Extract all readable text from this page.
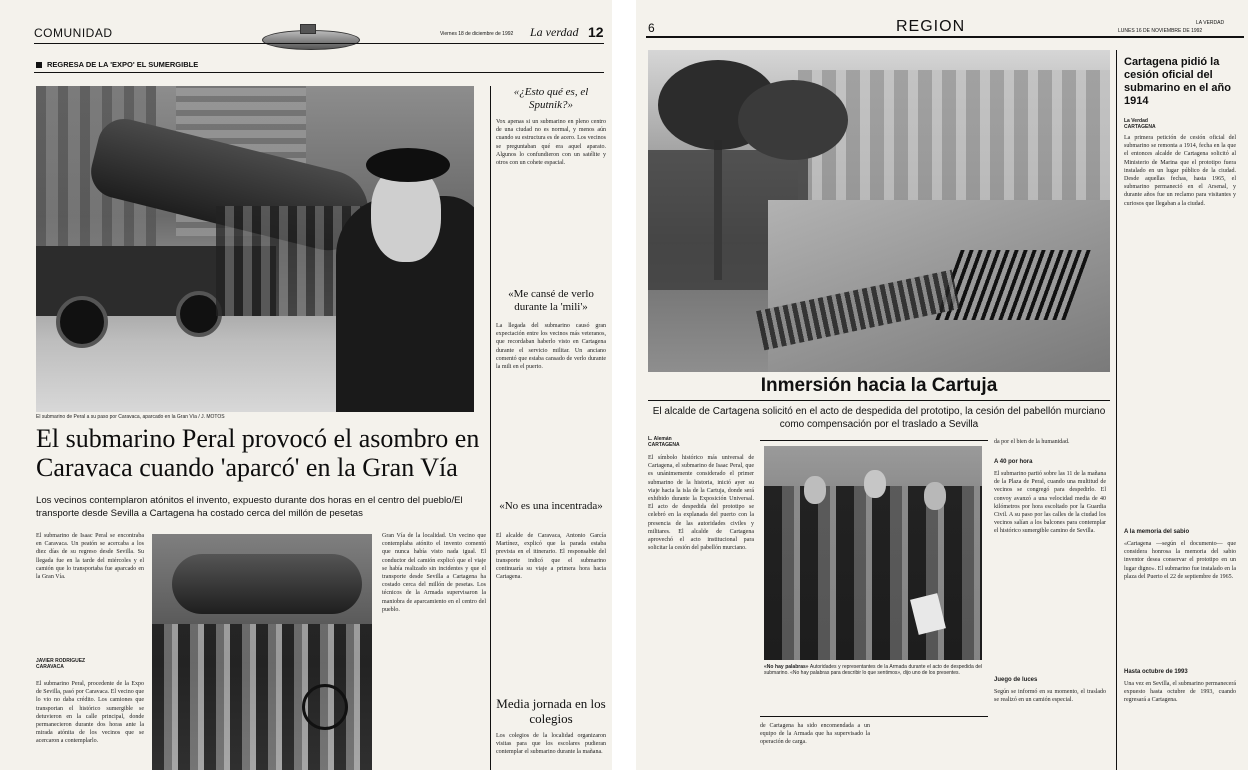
COMUNIDAD	Viernes 18 de diciembre de 1992 La verdad 12
REGRESA DE LA 'EXPO' EL SUMERGIBLE
El submarino de Peral a su paso por Caravaca, aparcado en la Gran Vía / J. MOTOS
El submarino Peral provocó el asombro en Caravaca cuando 'aparcó' en la Gran Vía
Los vecinos contemplaron atónitos el invento, expuesto durante dos horas en el centro del pueblo/El transporte desde Sevilla a Cartagena ha costado cerca del millón de pesetas
El submarino de Isaac Peral se encontraba en Caravaca. Un peatón se acercaba a los diez días de su regreso desde Sevilla. Su llegada fue en la tarde del miércoles y el camión que lo transportaba fue aparcado en la Gran Vía.
JAVIER RODRÍGUEZ
CARAVACA
El submarino Peral, procedente de la Expo de Sevilla, pasó por Caravaca. El vecino que lo vio no daba crédito. Los camiones que transportan el histórico sumergible se detuvieron en la calle principal, donde permanecieron durante dos horas ante la mirada atónita de los vecinos que se acercaron a contemplarlo.
Gran Vía de la localidad. Un vecino que contemplaba atónito el invento comentó que nunca había visto nada igual. El conductor del camión explicó que el viaje se había realizado sin incidentes y que el transporte desde Sevilla a Cartagena ha costado cerca del millón de pesetas. Los técnicos de la Armada supervisaron la maniobra de aparcamiento en el centro del pueblo.
«¿Esto qué es, el Sputnik?»
Vox apenas si un submarino en pleno centro de una ciudad no es normal, y menos aún cuando su estructura es de acero. Los vecinos se preguntaban qué era aquel aparato. Algunos lo confundieron con un satélite y otros con un cohete espacial.
«Me cansé de verlo durante la 'mili'»
La llegada del submarino causó gran expectación entre los vecinos más veteranos, que recordaban haberlo visto en Cartagena durante el servicio militar. Un anciano comentó que estaba cansado de verlo durante la mili en el puerto.
«No es una incentrada»
El alcalde de Caravaca, Antonio García Martínez, explicó que la parada estaba prevista en el itinerario. El responsable del transporte indicó que el submarino continuaría su viaje a primera hora hacia Cartagena.
Media jornada en los colegios
Los colegios de la localidad organizaron visitas para que los escolares pudieran contemplar el submarino durante la mañana.
6	REGION	LA VERDAD
LUNES 16 DE NOVIEMBRE DE 1992
Inmersión hacia la Cartuja
El alcalde de Cartagena solicitó en el acto de despedida del prototipo, la cesión del pabellón murciano como compensación por el traslado a Sevilla
L. Alemán
CARTAGENA
El símbolo histórico más universal de Cartagena, el submarino de Isaac Peral, que es unánimemente considerado el primer submarino de la historia, inició ayer su viaje hacia la isla de la Cartuja, donde será exhibido durante la Exposición Universal. El acto de despedida del prototipo se celebró en la explanada del puerto con la presencia de las autoridades civiles y militares. El alcalde de Cartagena aprovechó el acto institucional para solicitar la cesión del pabellón murciano.
«No hay palabras» Autoridades y representantes de la Armada durante el acto de despedida del submarino. «No hay palabras para describir lo que sentimos», dijo uno de los presentes.
de Cartagena ha sido encomendada a un equipo de la Armada que ha supervisado la operación de carga.
da por el bien de la humanidad.
A 40 por hora
El submarino partió sobre las 11 de la mañana de la Plaza de Peral, cuando una multitud de vecinos se congregó para despedirlo. El convoy avanzó a una velocidad media de 40 kilómetros por hora escoltado por la Guardia Civil. A su paso por las calles de la ciudad los vecinos salían a los balcones para contemplar el histórico sumergible camino de Sevilla.
Juego de luces
Según se informó en su momento, el traslado se realizó en un camión especial.
Cartagena pidió la cesión oficial del submarino en el año 1914
La Verdad
CARTAGENA
La primera petición de cesión oficial del submarino se remonta a 1914, fecha en la que el entonces alcalde de Cartagena solicitó al Ministerio de Marina que el prototipo fuera instalado en un lugar público de la ciudad. Desde aquellas fechas, hasta 1965, el submarino permaneció en el Arsenal, y durante años fue un reclamo para visitantes y curiosos que llegaban a la ciudad.
A la memoria del sabio
«Cartagena —según el documento— que considera honrosa la memoria del sabio inventor desea conservar el prototipo en un lugar digno». El submarino fue instalado en la plaza del Puerto el 22 de septiembre de 1965.
Hasta octubre de 1993
Una vez en Sevilla, el submarino permanecerá expuesto hasta octubre de 1993, cuando regresará a Cartagena.
